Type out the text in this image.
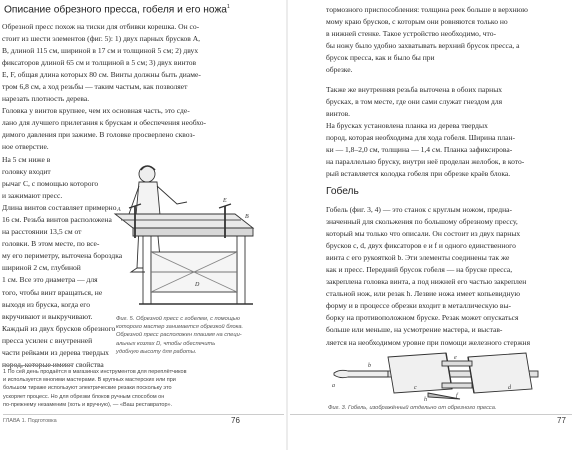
Описание обрезного пресса, гобеля и его ножа$^1$
Обрезной пресс похож на тиски для отбивки корешка. Он со-
стоит из шести элементов (фиг. 5): 1) двух парных брусков А,
В, длиной 115 см, шириной в 17 см и толщиной 5 см; 2) двух
фиксаторов длиной 65 см и толщиной в 5 см; 3) двух винтов
E, F, общая длина которых 80 см. Винты должны быть диаме-
тром 6,8 см, а ход резьбы — таким частым, как позволяет
нарезать плотность дерева.
Головка у винтов крупнее, чем их основная часть, это сде-
лано для лучшего прилегания к брускам и обеспечения необхо-
димого давления при зажиме. В головке просверлено сквоз-
ное отверстие.
На 5 см ниже в
головку входит
рычаг С, с помощью которого
и зажимают пресс.
Длина винтов составляет примерно
16 см. Резьба винтов расположена
на расстоянии 13,5 см от
головки. В этом месте, по все-
му его периметру, выточена бороздка
шириной 2 см, глубиной
1 см. Все это диаметра — для
того, чтобы винт вращаться, не
выходя из бруска, когда его
вкручивают и выкручивают.
Каждый из двух брусков обрезного
пресса усилен с внутренней
части рейками из дерева твердых
пород, которые имеют свойства
A
B
D
E
Фиг. 5. Обрезной пресс с гобелем, с помощью
которого мастер занимается обрезкой блока.
Обрезной пресс расположен плашмя на специ-
альных козлах D, чтобы обеспечить
удобную высоту для работы.
1 По сей день продаётся в магазинах инструментов для переплётчиков
и используется многими мастерами. В крупных мастерских или при
большом тираже используют электрические резаки поскольку это
ускоряет процесс. Но для обрезки блоков ручным способом он
по-прежнему незаменим (хоть и вручную), — «Ваш реставратор».
ГЛАВА 1. Подготовка	76
тормозного приспособления: толщина реек больше в верхнюю
мому краю брусков, с которым они ровняются только но
в нижней стенке. Такое устройство необходимо, что-
бы ножу было удобно захватывать верхний брусок пресса, а
брусок пресса, как и было бы при
обрезке.
Также же внутренняя резьба выточена в обоих парных
брусках, в том месте, где они сами служат гнездом для
винтов.
На брусках установлена планка из дерева твердых
пород, которая необходима для хода гобеля. Ширина план-
ки — 1,8–2,0 см, толщина — 1,4 см. Планка зафиксирова-
на параллельно бруску, внутри неё проделан желобок, в кото-
рый вставляется колодка гобеля при обрезке краёв блока.
Гобель
Гобель (фиг. 3, 4) — это станок с круглым ножом, предна-
значенный для скольжения по большому обрезному прессу,
который мы только что описали. Он состоит из двух парных
брусков с, d, двух фиксаторов е и f и одного единственного
винта с его рукояткой b. Эти элементы соединены так же
как и пресс. Передний брусок гобеля — на бруске пресса,
закреплена головка винта, а под нижней его частью закреплен
стальной нож, или резак h. Лезвие ножа имеет копьевидную
форму и в процессе обрезки входит в металлическую вы-
борку на противоположном бруске. Резак может опускаться
больше или меньше, на усмотрение мастера, и выстав-
ляется на необходимом уровне при помощи железного стержня
a
b
c	d
e
f
h
Фиг. 3. Гобель, изображённый отдельно от обрезного пресса.
77
